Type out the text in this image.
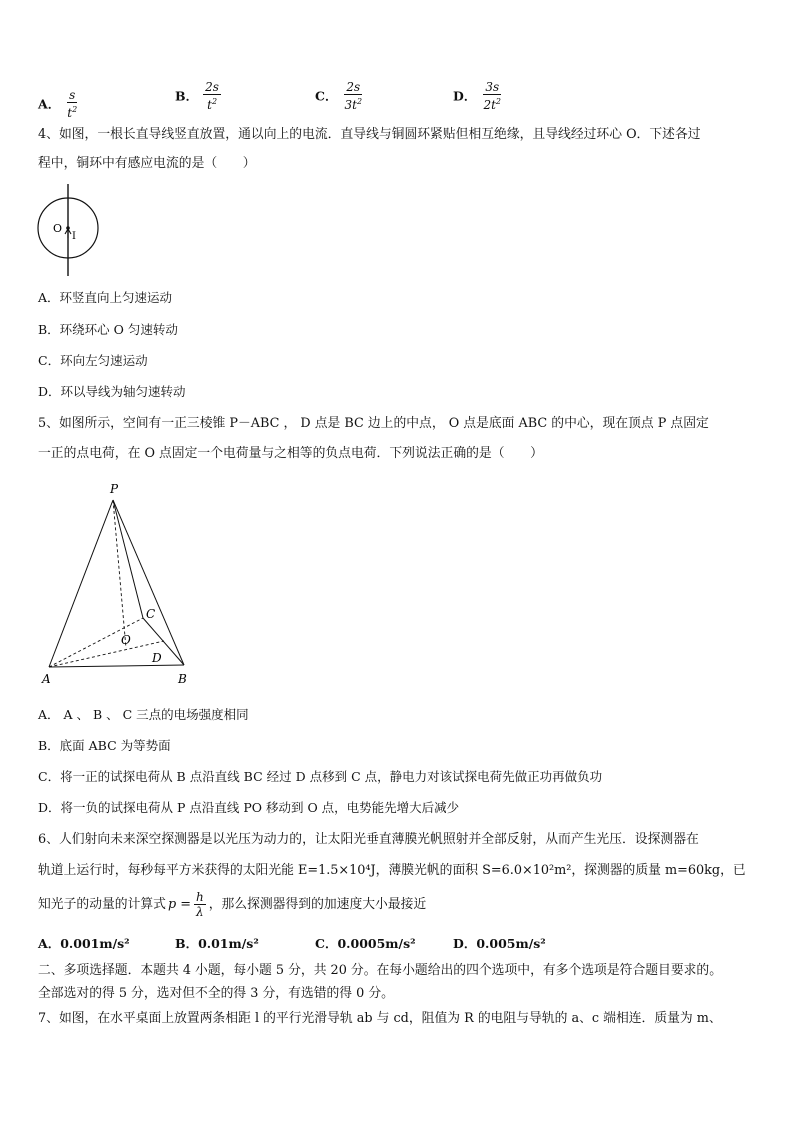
A． $\frac{s}{t^2}$	B． $\frac{2s}{t^2}$	C． $\frac{2s}{3t^2}$	D． $\frac{3s}{2t^2}$
4、如图，一根长直导线竖直放置，通以向上的电流．直导线与铜圆环紧贴但相互绝缘，且导线经过环心 O．下述各过
程中，铜环中有感应电流的是（　　）
O
I
A．环竖直向上匀速运动
B．环绕环心 O 匀速转动
C．环向左匀速运动
D．环以导线为轴匀速转动
5、如图所示，空间有一正三棱锥 P－ABC ， D 点是 BC 边上的中点， O 点是底面 ABC 的中心，现在顶点 P 点固定
一正的点电荷，在 O 点固定一个电荷量与之相等的负点电荷．下列说法正确的是（　　）
P
A	B
C
O
D
A． A 、 B 、 C 三点的电场强度相同
B．底面 ABC 为等势面
C．将一正的试探电荷从 B 点沿直线 BC 经过 D 点移到 C 点，静电力对该试探电荷先做正功再做负功
D．将一负的试探电荷从 P 点沿直线 PO 移动到 O 点，电势能先增大后减少
6、人们射向未来深空探测器是以光压为动力的，让太阳光垂直薄膜光帆照射并全部反射，从而产生光压．设探测器在
轨道上运行时，每秒每平方米获得的太阳光能 E=1.5×10⁴J，薄膜光帆的面积 S=6.0×10²m²，探测器的质量 m=60kg，已
知光子的动量的计算式 $p = \frac{h}{\lambda}$ ，那么探测器得到的加速度大小最接近
A．0.001m/s²	B．0.01m/s²	C．0.0005m/s²	D．0.005m/s²
二、多项选择题．本题共 4 小题，每小题 5 分，共 20 分。在每小题给出的四个选项中，有多个选项是符合题目要求的。
全部选对的得 5 分，选对但不全的得 3 分，有选错的得 0 分。
7、如图，在水平桌面上放置两条相距 l 的平行光滑导轨 ab 与 cd，阻值为 R 的电阻与导轨的 a、c 端相连．质量为 m、
